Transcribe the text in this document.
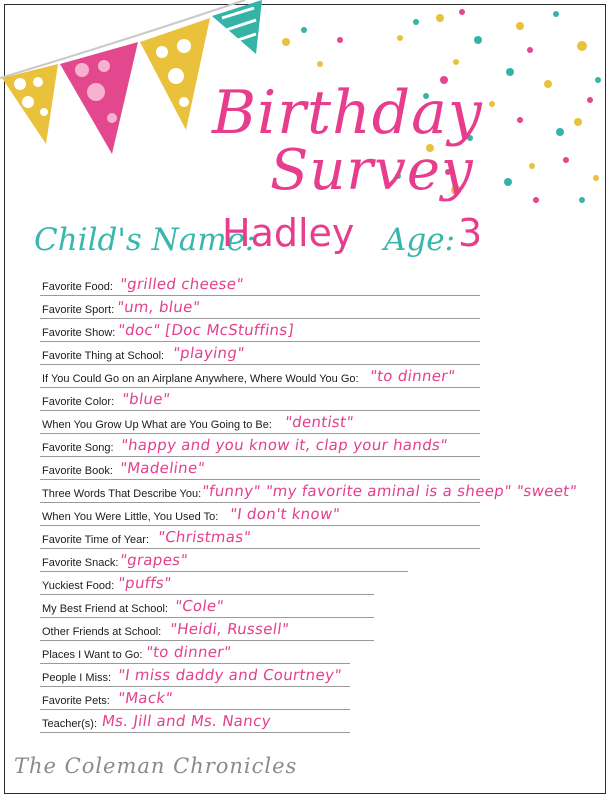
Birthday
Survey
Child's Name:
Hadley Age: 3
Favorite Food: "grilled cheese"
Favorite Sport: "um, blue"
Favorite Show: "doc" [Doc McStuffins]
Favorite Thing at School: "playing"
If You Could Go on an Airplane Anywhere, Where Would You Go: "to dinner"
Favorite Color: "blue"
When You Grow Up What are You Going to Be: "dentist"
Favorite Song: "happy and you know it, clap your hands"
Favorite Book: "Madeline"
Three Words That Describe You: "funny" "my favorite aminal is a sheep" "sweet"
When You Were Little, You Used To: "I don't know"
Favorite Time of Year: "Christmas"
Favorite Snack: "grapes"
Yuckiest Food: "puffs"
My Best Friend at School: "Cole"
Other Friends at School: "Heidi, Russell"
Places I Want to Go: "to dinner"
People I Miss: "I miss daddy and Courtney"
Favorite Pets: "Mack"
Teacher(s): Ms. Jill and Ms. Nancy
The Coleman Chronicles
